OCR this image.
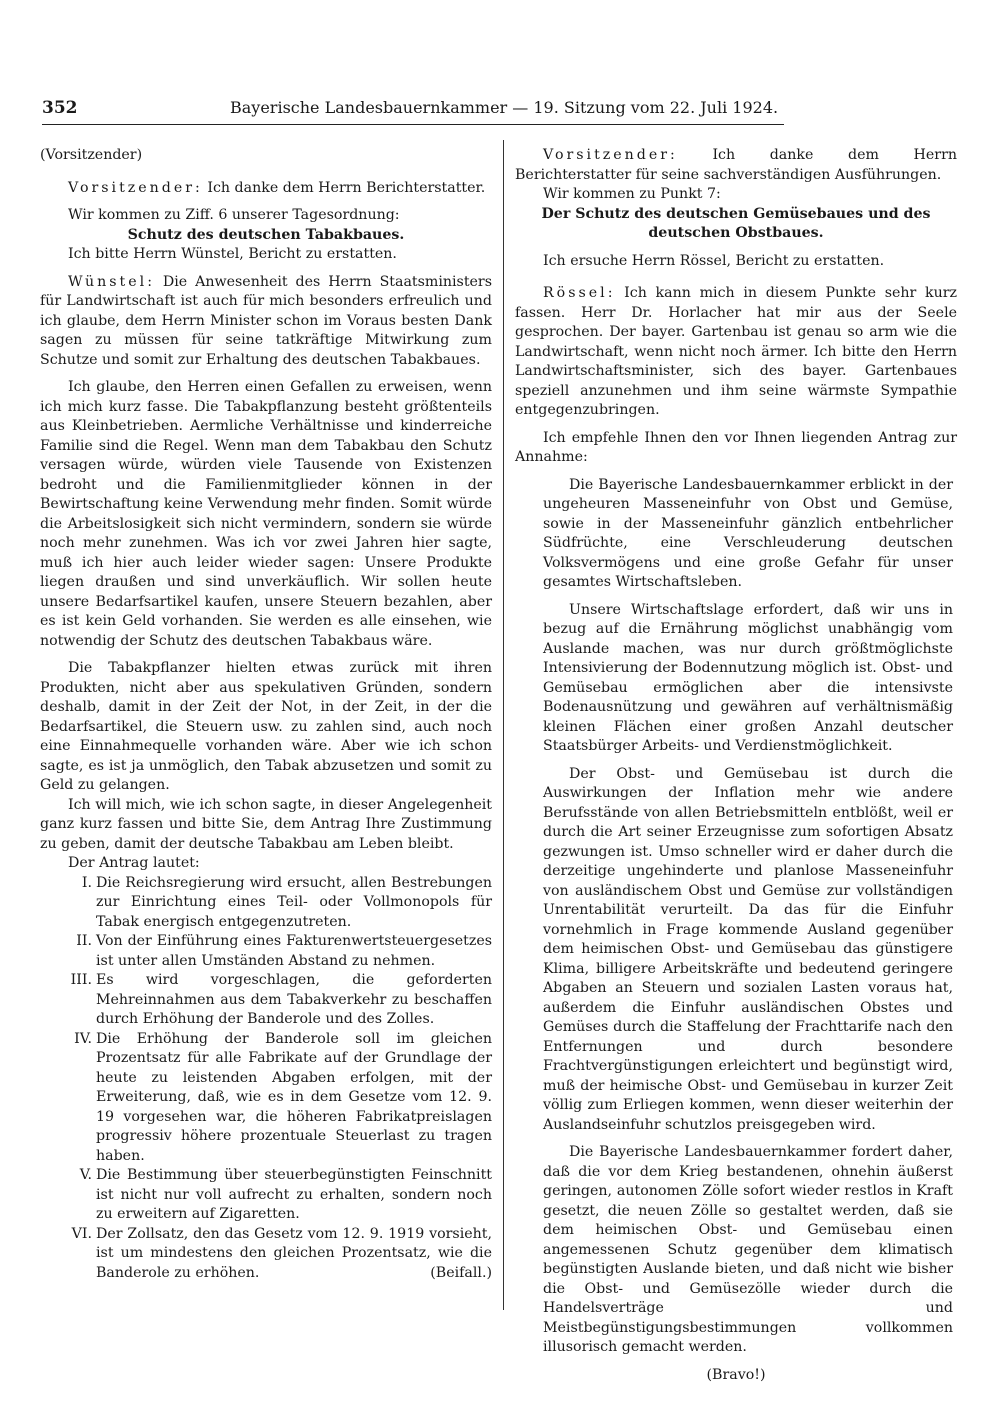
352	Bayerische Landesbauernkammer — 19. Sitzung vom 22. Juli 1924.

(Vorsitzender)

Vorsitzender: Ich danke dem Herrn Berichterstatter.

Wir kommen zu Ziff. 6 unserer Tagesordnung:

Schutz des deutschen Tabakbaues.

Ich bitte Herrn Wünstel, Bericht zu erstatten.

Wünstel: Die Anwesenheit des Herrn Staatsministers für Landwirtschaft ist auch für mich besonders erfreulich und ich glaube, dem Herrn Minister schon im Voraus besten Dank sagen zu müssen für seine tatkräftige Mitwirkung zum Schutze und somit zur Erhaltung des deutschen Tabakbaues.

Ich glaube, den Herren einen Gefallen zu erweisen, wenn ich mich kurz fasse. Die Tabakpflanzung besteht größtenteils aus Kleinbetrieben. Aermliche Verhältnisse und kinderreiche Familie sind die Regel. Wenn man dem Tabakbau den Schutz versagen würde, würden viele Tausende von Existenzen bedroht und die Familienmitglieder können in der Bewirtschaftung keine Verwendung mehr finden. Somit würde die Arbeitslosigkeit sich nicht vermindern, sondern sie würde noch mehr zunehmen. Was ich vor zwei Jahren hier sagte, muß ich hier auch leider wieder sagen: Unsere Produkte liegen draußen und sind unverkäuflich. Wir sollen heute unsere Bedarfsartikel kaufen, unsere Steuern bezahlen, aber es ist kein Geld vorhanden. Sie werden es alle einsehen, wie notwendig der Schutz des deutschen Tabakbaus wäre.

Die Tabakpflanzer hielten etwas zurück mit ihren Produkten, nicht aber aus spekulativen Gründen, sondern deshalb, damit in der Zeit der Not, in der Zeit, in der die Bedarfsartikel, die Steuern usw. zu zahlen sind, auch noch eine Einnahmequelle vorhanden wäre. Aber wie ich schon sagte, es ist ja unmöglich, den Tabak abzusetzen und somit zu Geld zu gelangen.

Ich will mich, wie ich schon sagte, in dieser Angelegenheit ganz kurz fassen und bitte Sie, dem Antrag Ihre Zustimmung zu geben, damit der deutsche Tabakbau am Leben bleibt.

Der Antrag lautet:

I. Die Reichsregierung wird ersucht, allen Bestrebungen zur Einrichtung eines Teil- oder Vollmonopols für Tabak energisch entgegenzutreten.
II. Von der Einführung eines Fakturenwertsteuergesetzes ist unter allen Umständen Abstand zu nehmen.
III. Es wird vorgeschlagen, die geforderten Mehreinnahmen aus dem Tabakverkehr zu beschaffen durch Erhöhung der Banderole und des Zolles.
IV. Die Erhöhung der Banderole soll im gleichen Prozentsatz für alle Fabrikate auf der Grundlage der heute zu leistenden Abgaben erfolgen, mit der Erweiterung, daß, wie es in dem Gesetze vom 12. 9. 19 vorgesehen war, die höheren Fabrikatpreislagen progressiv höhere prozentuale Steuerlast zu tragen haben.
V. Die Bestimmung über steuerbegünstigten Feinschnitt ist nicht nur voll aufrecht zu erhalten, sondern noch zu erweitern auf Zigaretten.
VI. Der Zollsatz, den das Gesetz vom 12. 9. 1919 vorsieht, ist um mindestens den gleichen Prozentsatz, wie die Banderole zu erhöhen.	(Beifall.)

Vorsitzender: Ich danke dem Herrn Berichterstatter für seine sachverständigen Ausführungen.

Wir kommen zu Punkt 7:

Der Schutz des deutschen Gemüsebaues und des deutschen Obstbaues.

Ich ersuche Herrn Rössel, Bericht zu erstatten.

Rössel: Ich kann mich in diesem Punkte sehr kurz fassen. Herr Dr. Horlacher hat mir aus der Seele gesprochen. Der bayer. Gartenbau ist genau so arm wie die Landwirtschaft, wenn nicht noch ärmer. Ich bitte den Herrn Landwirtschaftsminister, sich des bayer. Gartenbaues speziell anzunehmen und ihm seine wärmste Sympathie entgegenzubringen.

Ich empfehle Ihnen den vor Ihnen liegenden Antrag zur Annahme:

Die Bayerische Landesbauernkammer erblickt in der ungeheuren Masseneinfuhr von Obst und Gemüse, sowie in der Masseneinfuhr gänzlich entbehrlicher Südfrüchte, eine Verschleuderung deutschen Volksvermögens und eine große Gefahr für unser gesamtes Wirtschaftsleben.

Unsere Wirtschaftslage erfordert, daß wir uns in bezug auf die Ernährung möglichst unabhängig vom Auslande machen, was nur durch größtmöglichste Intensivierung der Bodennutzung möglich ist. Obst- und Gemüsebau ermöglichen aber die intensivste Bodenausnützung und gewähren auf verhältnismäßig kleinen Flächen einer großen Anzahl deutscher Staatsbürger Arbeits- und Verdienstmöglichkeit.

Der Obst- und Gemüsebau ist durch die Auswirkungen der Inflation mehr wie andere Berufsstände von allen Betriebsmitteln entblößt, weil er durch die Art seiner Erzeugnisse zum sofortigen Absatz gezwungen ist. Umso schneller wird er daher durch die derzeitige ungehinderte und planlose Masseneinfuhr von ausländischem Obst und Gemüse zur vollständigen Unrentabilität verurteilt. Da das für die Einfuhr vornehmlich in Frage kommende Ausland gegenüber dem heimischen Obst- und Gemüsebau das günstigere Klima, billigere Arbeitskräfte und bedeutend geringere Abgaben an Steuern und sozialen Lasten voraus hat, außerdem die Einfuhr ausländischen Obstes und Gemüses durch die Staffelung der Frachttarife nach den Entfernungen und durch besondere Frachtvergünstigungen erleichtert und begünstigt wird, muß der heimische Obst- und Gemüsebau in kurzer Zeit völlig zum Erliegen kommen, wenn dieser weiterhin der Auslandseinfuhr schutzlos preisgegeben wird.

Die Bayerische Landesbauernkammer fordert daher, daß die vor dem Krieg bestandenen, ohnehin äußerst geringen, autonomen Zölle sofort wieder restlos in Kraft gesetzt, die neuen Zölle so gestaltet werden, daß sie dem heimischen Obst- und Gemüsebau einen angemessenen Schutz gegenüber dem klimatisch begünstigten Auslande bieten, und daß nicht wie bisher die Obst- und Gemüsezölle wieder durch die Handelsverträge und Meistbegünstigungsbestimmungen vollkommen illusorisch gemacht werden.

(Bravo!)
